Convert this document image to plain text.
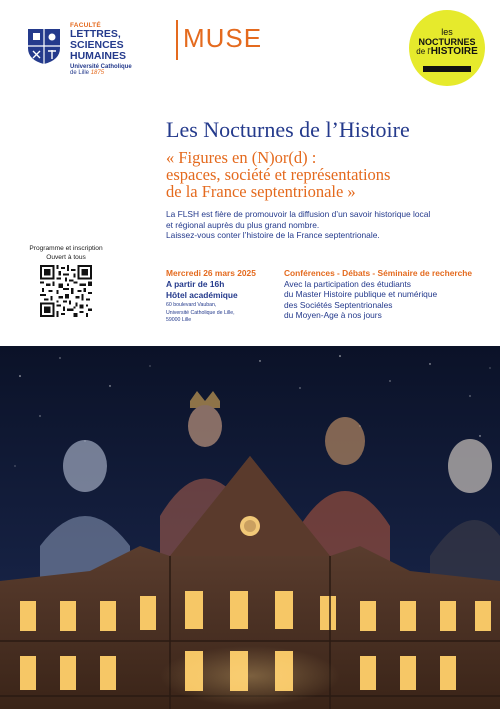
FACULTÉ
LETTRES,
SCIENCES HUMAINES
Université Catholique
de Lille 1875
MUSE	les
NOCTURNES
de l'HISTOIRE
Les Nocturnes de l’Histoire
« Figures en (N)or(d) :
espaces, société et représentations
de la France septentrionale »
La FLSH est fière de promouvoir la diffusion d’un savoir historique local
et régional auprès du plus grand nombre.
Laissez-vous conter l’histoire de la France septentrionale.
Programme et inscription
Ouvert à tous
Mercredi 26 mars 2025
A partir de 16h
Hôtel académique
60 boulevard Vauban,
Université Catholique de Lille,
59000 Lille
Conférences - Débats - Séminaire de recherche
Avec la participation des étudiants
du Master Histoire publique et numérique
des Sociétés Septentrionales
du Moyen-Age à nos jours
